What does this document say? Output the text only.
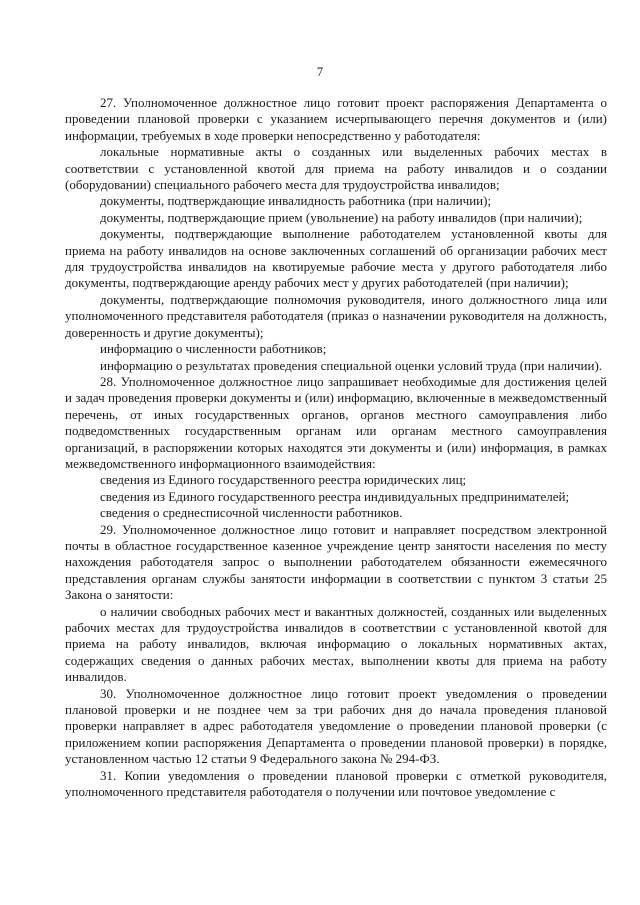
7

27. Уполномоченное должностное лицо готовит проект распоряжения Департамента о проведении плановой проверки с указанием исчерпывающего перечня документов и (или) информации, требуемых в ходе проверки непосредственно у работодателя:

локальные нормативные акты о созданных или выделенных рабочих местах в соответствии с установленной квотой для приема на работу инвалидов и о создании (оборудовании) специального рабочего места для трудоустройства инвалидов;

документы, подтверждающие инвалидность работника (при наличии);

документы, подтверждающие прием (увольнение) на работу инвалидов (при наличии);

документы, подтверждающие выполнение работодателем установленной квоты для приема на работу инвалидов на основе заключенных соглашений об организации рабочих мест для трудоустройства инвалидов на квотируемые рабочие места у другого работодателя либо документы, подтверждающие аренду рабочих мест у других работодателей (при наличии);

документы, подтверждающие полномочия руководителя, иного должностного лица или уполномоченного представителя работодателя (приказ о назначении руководителя на должность, доверенность и другие документы);

информацию о численности работников;

информацию о результатах проведения специальной оценки условий труда (при наличии).

28. Уполномоченное должностное лицо запрашивает необходимые для достижения целей и задач проведения проверки документы и (или) информацию, включенные в межведомственный перечень, от иных государственных органов, органов местного самоуправления либо подведомственных государственным органам или органам местного самоуправления организаций, в распоряжении которых находятся эти документы и (или) информация, в рамках межведомственного информационного взаимодействия:

сведения из Единого государственного реестра юридических лиц;

сведения из Единого государственного реестра индивидуальных предпринимателей;

сведения о среднесписочной численности работников.

29. Уполномоченное должностное лицо готовит и направляет посредством электронной почты в областное государственное казенное учреждение центр занятости населения по месту нахождения работодателя запрос о выполнении работодателем обязанности ежемесячного представления органам службы занятости информации в соответствии с пунктом 3 статьи 25 Закона о занятости:

о наличии свободных рабочих мест и вакантных должностей, созданных или выделенных рабочих местах для трудоустройства инвалидов в соответствии с установленной квотой для приема на работу инвалидов, включая информацию о локальных нормативных актах, содержащих сведения о данных рабочих местах, выполнении квоты для приема на работу инвалидов.

30. Уполномоченное должностное лицо готовит проект уведомления о проведении плановой проверки и не позднее чем за три рабочих дня до начала проведения плановой проверки направляет в адрес работодателя уведомление о проведении плановой проверки (с приложением копии распоряжения Департамента о проведении плановой проверки) в порядке, установленном частью 12 статьи 9 Федерального закона № 294-ФЗ.

31. Копии уведомления о проведении плановой проверки с отметкой руководителя, уполномоченного представителя работодателя о получении или почтовое уведомление с
